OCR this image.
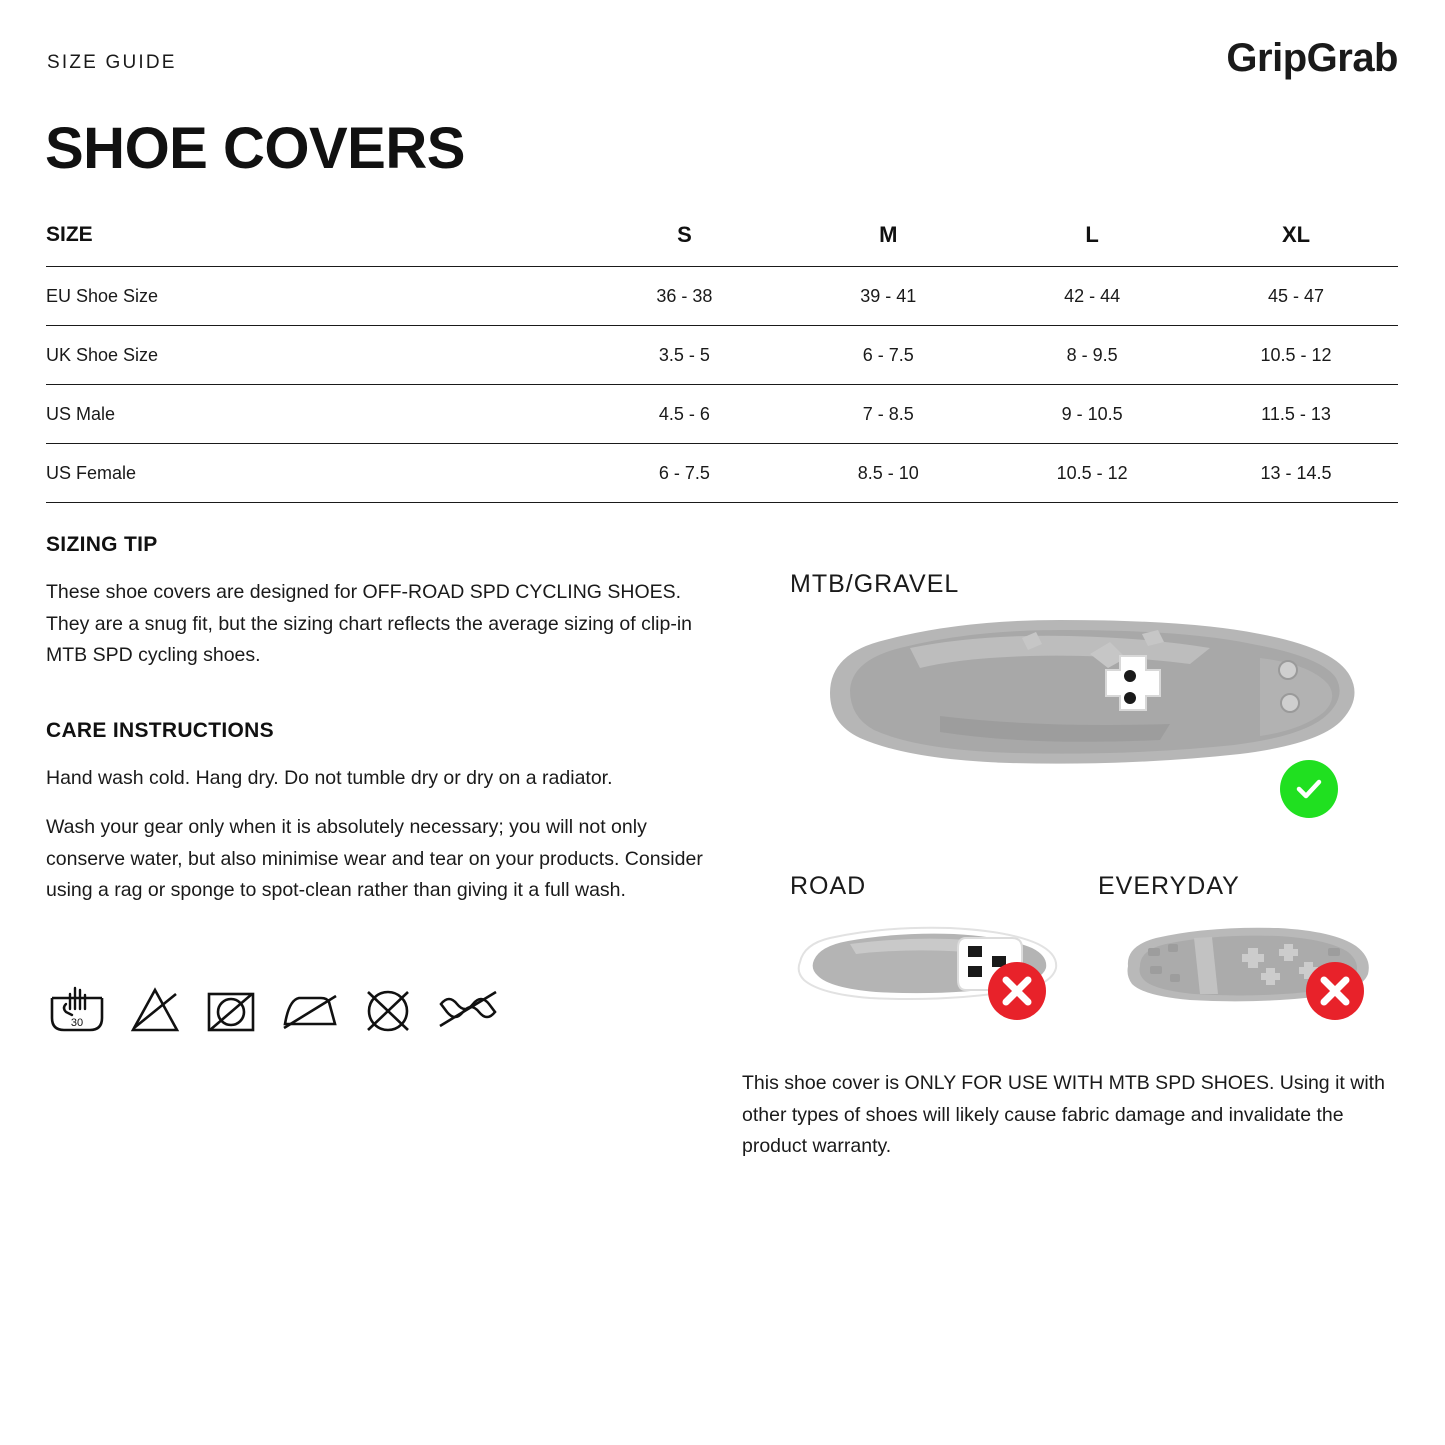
SIZE GUIDE	GripGrab
SHOE COVERS
SIZE	S	M	L	XL
EU Shoe Size	36 - 38	39 - 41	42 - 44	45 - 47
UK Shoe Size	3.5 - 5	6 - 7.5	8 - 9.5	10.5 - 12
US Male	4.5 - 6	7 - 8.5	9 - 10.5	11.5 - 13
US Female	6 - 7.5	8.5 - 10	10.5 - 12	13 - 14.5
SIZING TIP

These shoe covers are designed for OFF-ROAD SPD CYCLING SHOES. They are a snug fit, but the sizing chart reflects the average sizing of clip-in MTB SPD cycling shoes.

CARE INSTRUCTIONS

Hand wash cold. Hang dry. Do not tumble dry or dry on a radiator.

Wash your gear only when it is absolutely necessary; you will not only conserve water, but also minimise wear and tear on your products. Consider using a rag or sponge to spot-clean rather than giving it a full wash.

30
MTB/GRAVEL
ROAD	EVERYDAY
This shoe cover is ONLY FOR USE WITH MTB SPD SHOES. Using it with other types of shoes will likely cause fabric damage and invalidate the product warranty.
